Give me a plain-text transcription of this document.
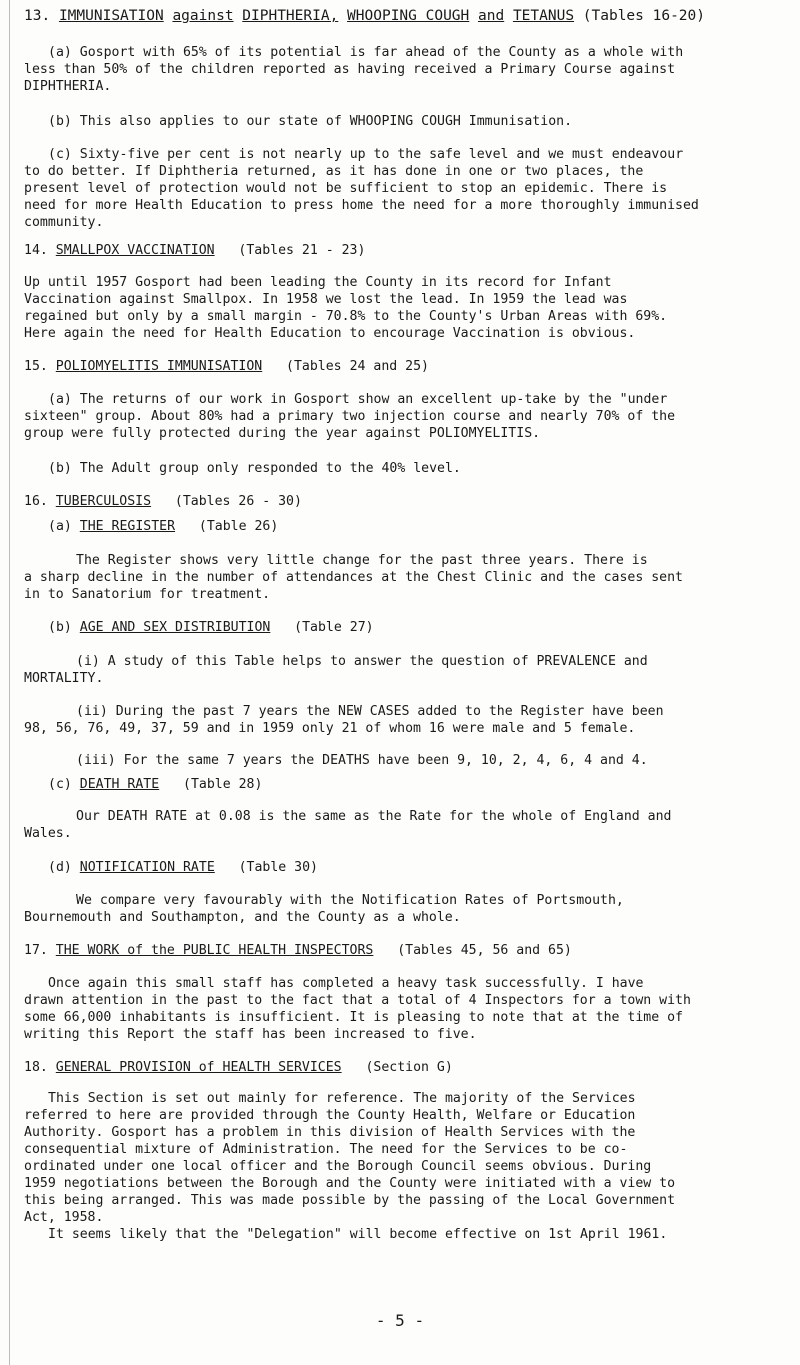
13. IMMUNISATION against DIPHTHERIA, WHOOPING COUGH and TETANUS (Tables 16-20)

(a) Gosport with 65% of its potential is far ahead of the County as a whole with

less than 50% of the children reported as having received a Primary Course against

DIPHTHERIA.

(b) This also applies to our state of WHOOPING COUGH Immunisation.

(c) Sixty-five per cent is not nearly up to the safe level and we must endeavour

to do better. If Diphtheria returned, as it has done in one or two places, the

present level of protection would not be sufficient to stop an epidemic. There is

need for more Health Education to press home the need for a more thoroughly immunised

community.

14. SMALLPOX VACCINATION (Tables 21 - 23)

Up until 1957 Gosport had been leading the County in its record for Infant

Vaccination against Smallpox. In 1958 we lost the lead. In 1959 the lead was

regained but only by a small margin - 70.8% to the County's Urban Areas with 69%.

Here again the need for Health Education to encourage Vaccination is obvious.

15. POLIOMYELITIS IMMUNISATION (Tables 24 and 25)

(a) The returns of our work in Gosport show an excellent up-take by the "under

sixteen" group. About 80% had a primary two injection course and nearly 70% of the

group were fully protected during the year against POLIOMYELITIS.

(b) The Adult group only responded to the 40% level.

16. TUBERCULOSIS (Tables 26 - 30)

(a) THE REGISTER (Table 26)

The Register shows very little change for the past three years. There is

a sharp decline in the number of attendances at the Chest Clinic and the cases sent

in to Sanatorium for treatment.

(b) AGE AND SEX DISTRIBUTION (Table 27)

(i) A study of this Table helps to answer the question of PREVALENCE and

MORTALITY.

(ii) During the past 7 years the NEW CASES added to the Register have been

98, 56, 76, 49, 37, 59 and in 1959 only 21 of whom 16 were male and 5 female.

(iii) For the same 7 years the DEATHS have been 9, 10, 2, 4, 6, 4 and 4.

(c) DEATH RATE (Table 28)

Our DEATH RATE at 0.08 is the same as the Rate for the whole of England and

Wales.

(d) NOTIFICATION RATE (Table 30)

We compare very favourably with the Notification Rates of Portsmouth,

Bournemouth and Southampton, and the County as a whole.

17. THE WORK of the PUBLIC HEALTH INSPECTORS (Tables 45, 56 and 65)

Once again this small staff has completed a heavy task successfully. I have

drawn attention in the past to the fact that a total of 4 Inspectors for a town with

some 66,000 inhabitants is insufficient. It is pleasing to note that at the time of

writing this Report the staff has been increased to five.

18. GENERAL PROVISION of HEALTH SERVICES (Section G)

This Section is set out mainly for reference. The majority of the Services

referred to here are provided through the County Health, Welfare or Education

Authority. Gosport has a problem in this division of Health Services with the

consequential mixture of Administration. The need for the Services to be co-

ordinated under one local officer and the Borough Council seems obvious. During

1959 negotiations between the Borough and the County were initiated with a view to

this being arranged. This was made possible by the passing of the Local Government

Act, 1958.

It seems likely that the "Delegation" will become effective on 1st April 1961.

- 5 -
